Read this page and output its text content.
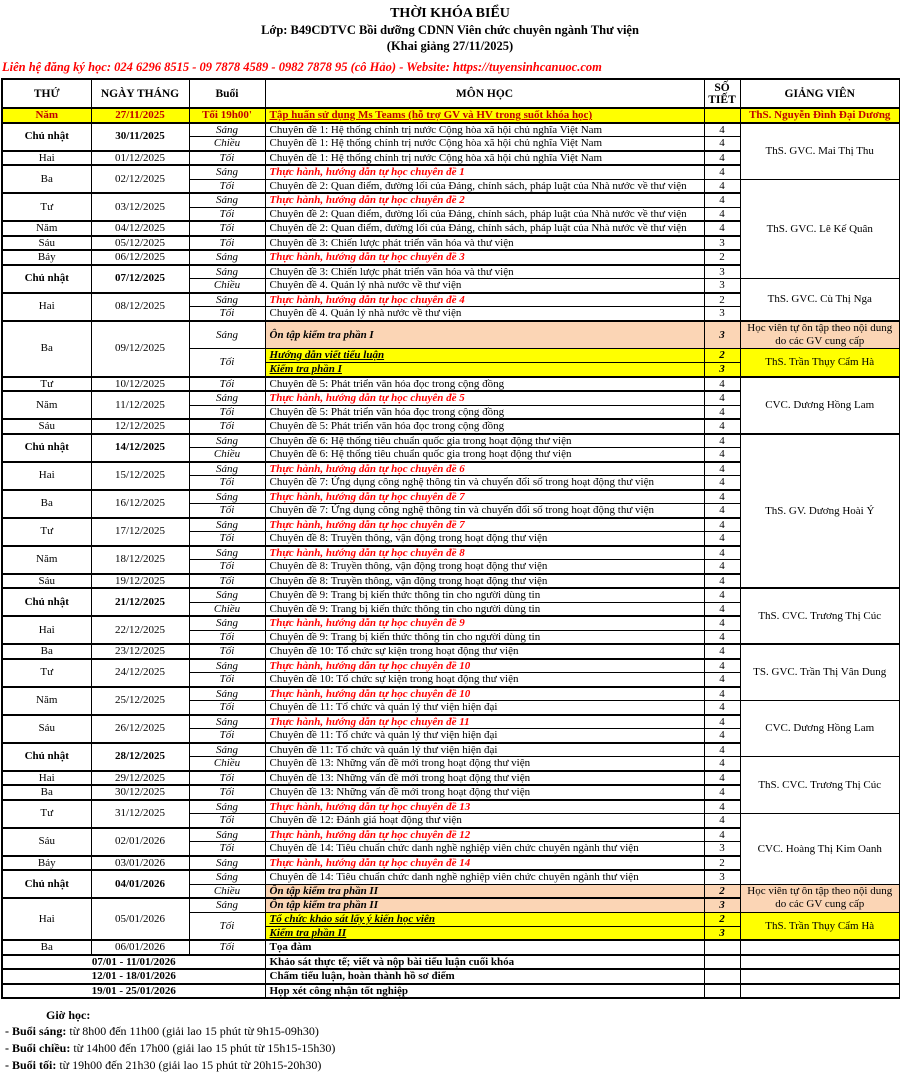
THỜI KHÓA BIỂU
Lớp: B49CDTVC Bồi dưỡng CDNN Viên chức chuyên ngành Thư viện
(Khai giảng 27/11/2025)
Liên hệ đăng ký học: 024 6296 8515 - 09 7878 4589 - 0982 7878 95 (cô Hảo) - Website: https://tuyensinhcanuoc.com
THỨ	NGÀY THÁNG	Buổi	MÔN HỌC	SỐ TIẾT	GIẢNG VIÊN
Năm	27/11/2025	Tối 19h00'	Tập huấn sử dụng Ms Teams (hỗ trợ GV và HV trong suốt khóa học)		ThS. Nguyễn Đình Đại Dương
Chủ nhật	30/11/2025	Sáng	Chuyên đề 1: Hệ thống chính trị nước Cộng hòa xã hội chủ nghĩa Việt Nam	4	ThS. GVC. Mai Thị Thu
		Chiều	Chuyên đề 1: Hệ thống chính trị nước Cộng hòa xã hội chủ nghĩa Việt Nam	4	
Hai	01/12/2025	Tối	Chuyên đề 1: Hệ thống chính trị nước Cộng hòa xã hội chủ nghĩa Việt Nam	4	
Ba	02/12/2025	Sáng	Thực hành, hướng dẫn tự học chuyên đề 1	4	
		Tối	Chuyên đề 2: Quan điểm, đường lối của Đảng, chính sách, pháp luật của Nhà nước về thư viện	4	ThS. GVC. Lê Kế Quân
Tư	03/12/2025	Sáng	Thực hành, hướng dẫn tự học chuyên đề 2	4	
		Tối	Chuyên đề 2: Quan điểm, đường lối của Đảng, chính sách, pháp luật của Nhà nước về thư viện	4	
Năm	04/12/2025	Tối	Chuyên đề 2: Quan điểm, đường lối của Đảng, chính sách, pháp luật của Nhà nước về thư viện	4	
Sáu	05/12/2025	Tối	Chuyên đề 3: Chiến lược phát triển văn hóa và thư viện	3	
Bảy	06/12/2025	Sáng	Thực hành, hướng dẫn tự học chuyên đề 3	2	
Chủ nhật	07/12/2025	Sáng	Chuyên đề 3: Chiến lược phát triển văn hóa và thư viện	3	
		Chiều	Chuyên đề 4. Quản lý nhà nước về thư viện	3	ThS. GVC. Cù Thị Nga
Hai	08/12/2025	Sáng	Thực hành, hướng dẫn tự học chuyên đề 4	2	
		Tối	Chuyên đề 4. Quản lý nhà nước về thư viện	3	
Ba	09/12/2025	Sáng	Ôn tập kiểm tra phần I	3	Học viên tự ôn tập theo nội dung do các GV cung cấp
		Tối	Hướng dẫn viết tiểu luận	2	ThS. Trần Thụy Cẩm Hà
			Kiểm tra phần I	3	
Tư	10/12/2025	Tối	Chuyên đề 5: Phát triển văn hóa đọc trong cộng đồng	4	CVC. Dương Hồng Lam
Năm	11/12/2025	Sáng	Thực hành, hướng dẫn tự học chuyên đề 5	4	
		Tối	Chuyên đề 5: Phát triển văn hóa đọc trong cộng đồng	4	
Sáu	12/12/2025	Tối	Chuyên đề 5: Phát triển văn hóa đọc trong cộng đồng	4	
Chủ nhật	14/12/2025	Sáng	Chuyên đề 6: Hệ thống tiêu chuẩn quốc gia trong hoạt động thư viện	4	ThS. GV. Dương Hoài Ý
		Chiều	Chuyên đề 6: Hệ thống tiêu chuẩn quốc gia trong hoạt động thư viện	4	
Hai	15/12/2025	Sáng	Thực hành, hướng dẫn tự học chuyên đề 6	4	
		Tối	Chuyên đề 7: Ứng dụng công nghệ thông tin và chuyển đổi số trong hoạt động thư viện	4	
Ba	16/12/2025	Sáng	Thực hành, hướng dẫn tự học chuyên đề 7	4	
		Tối	Chuyên đề 7: Ứng dụng công nghệ thông tin và chuyển đổi số trong hoạt động thư viện	4	
Tư	17/12/2025	Sáng	Thực hành, hướng dẫn tự học chuyên đề 7	4	
		Tối	Chuyên đề 8: Truyền thông, vận động trong hoạt động thư viện	4	
Năm	18/12/2025	Sáng	Thực hành, hướng dẫn tự học chuyên đề 8	4	
		Tối	Chuyên đề 8: Truyền thông, vận động trong hoạt động thư viện	4	
Sáu	19/12/2025	Tối	Chuyên đề 8: Truyền thông, vận động trong hoạt động thư viện	4	
Chủ nhật	21/12/2025	Sáng	Chuyên đề 9: Trang bị kiến thức thông tin cho người dùng tin	4	ThS. CVC. Trương Thị Cúc
		Chiều	Chuyên đề 9: Trang bị kiến thức thông tin cho người dùng tin	4	
Hai	22/12/2025	Sáng	Thực hành, hướng dẫn tự học chuyên đề 9	4	
		Tối	Chuyên đề 9: Trang bị kiến thức thông tin cho người dùng tin	4	
Ba	23/12/2025	Tối	Chuyên đề 10: Tổ chức sự kiện trong hoạt động thư viện	4	TS. GVC. Trần Thị Vân Dung
Tư	24/12/2025	Sáng	Thực hành, hướng dẫn tự học chuyên đề 10	4	
		Tối	Chuyên đề 10: Tổ chức sự kiện trong hoạt động thư viện	4	
Năm	25/12/2025	Sáng	Thực hành, hướng dẫn tự học chuyên đề 10	4	
		Tối	Chuyên đề 11: Tổ chức và quản lý thư viện hiện đại	4	CVC. Dương Hồng Lam
Sáu	26/12/2025	Sáng	Thực hành, hướng dẫn tự học chuyên đề 11	4	
		Tối	Chuyên đề 11: Tổ chức và quản lý thư viện hiện đại	4	
Chủ nhật	28/12/2025	Sáng	Chuyên đề 11: Tổ chức và quản lý thư viện hiện đại	4	
		Chiều	Chuyên đề 13: Những vấn đề mới trong hoạt động thư viện	4	ThS. CVC. Trương Thị Cúc
Hai	29/12/2025	Tối	Chuyên đề 13: Những vấn đề mới trong hoạt động thư viện	4	
Ba	30/12/2025	Tối	Chuyên đề 13: Những vấn đề mới trong hoạt động thư viện	4	
Tư	31/12/2025	Sáng	Thực hành, hướng dẫn tự học chuyên đề 13	4	
		Tối	Chuyên đề 12: Đánh giá hoạt động thư viện	4	CVC. Hoàng Thị Kim Oanh
Sáu	02/01/2026	Sáng	Thực hành, hướng dẫn tự học chuyên đề 12	4	
		Tối	Chuyên đề 14: Tiêu chuẩn chức danh nghề nghiệp viên chức chuyên ngành thư viện	3	
Bảy	03/01/2026	Sáng	Thực hành, hướng dẫn tự học chuyên đề 14	2	
Chủ nhật	04/01/2026	Sáng	Chuyên đề 14: Tiêu chuẩn chức danh nghề nghiệp viên chức chuyên ngành thư viện	3	
		Chiều	Ôn tập kiểm tra phần II	2	Học viên tự ôn tập theo nội dung do các GV cung cấp
Hai	05/01/2026	Sáng	Ôn tập kiểm tra phần II	3	
		Tối	Tổ chức khảo sát lấy ý kiến học viên	2	ThS. Trần Thụy Cẩm Hà
			Kiểm tra phần II	3	
Ba	06/01/2026	Tối	Tọa đàm		
07/01 - 11/01/2026			Khảo sát thực tế; viết và nộp bài tiểu luận cuối khóa		
12/01 - 18/01/2026			Chấm tiểu luận, hoàn thành hồ sơ điểm		
19/01 - 25/01/2026			Họp xét công nhận tốt nghiệp		
Giờ học:
- Buổi sáng: từ 8h00 đến 11h00 (giải lao 15 phút từ 9h15-09h30)
- Buổi chiều: từ 14h00 đến 17h00 (giải lao 15 phút từ 15h15-15h30)
- Buổi tối: từ 19h00 đến 21h30 (giải lao 15 phút từ 20h15-20h30)
